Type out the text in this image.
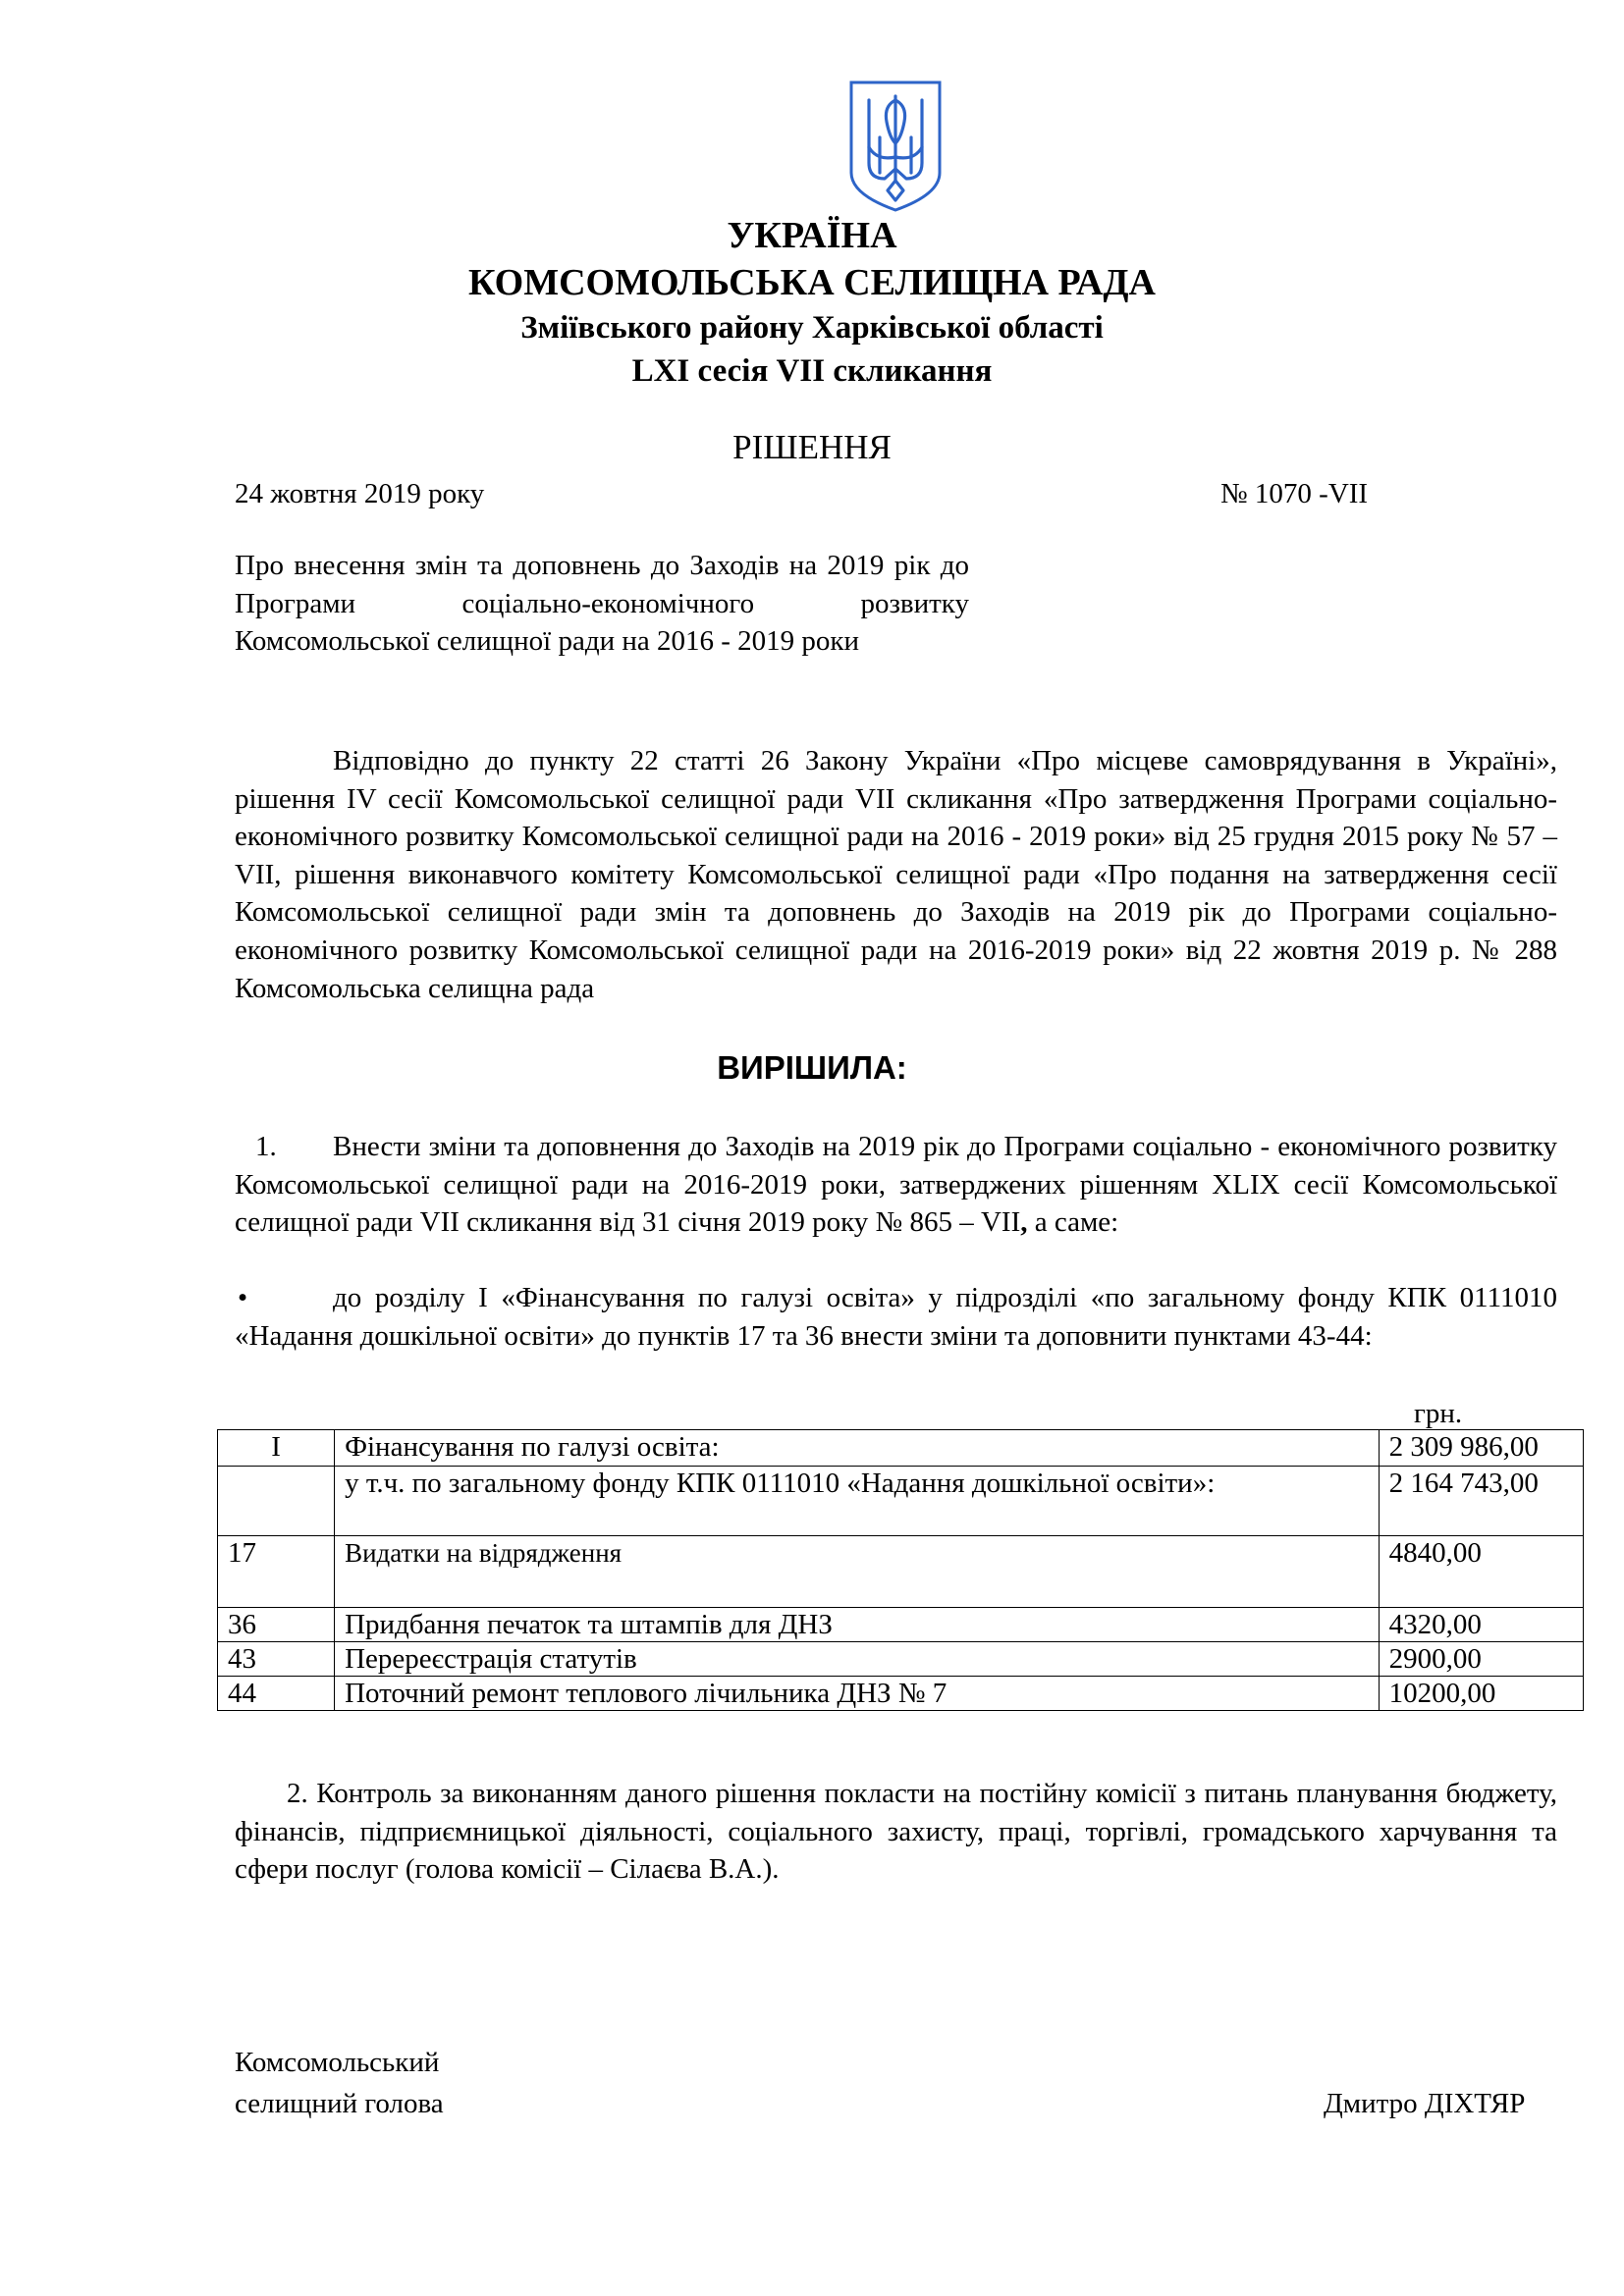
УКРАЇНА
КОМСОМОЛЬСЬКА СЕЛИЩНА РАДА
Зміївського району Харківської області
LXI сесія VII скликання
РІШЕННЯ
24 жовтня 2019 року	№ 1070 -VII
Про внесення змін та доповнень до Заходів на 2019 рік до Програми соціально-економічного розвитку Комсомольської селищної ради на 2016 - 2019 роки
Відповідно до пункту 22 статті 26 Закону України «Про місцеве самоврядування в Україні», рішення IV сесії Комсомольської селищної ради VII скликання «Про затвердження Програми соціально-економічного розвитку Комсомольської селищної ради на 2016 - 2019 роки» від 25 грудня 2015 року № 57 – VII, рішення виконавчого комітету Комсомольської селищної ради «Про подання на затвердження сесії Комсомольської селищної ради змін та доповнень до Заходів на 2019 рік до Програми соціально-економічного розвитку Комсомольської селищної ради на 2016-2019 роки» від 22 жовтня 2019 р. № 288 Комсомольська селищна рада
ВИРІШИЛА:
1. Внести зміни та доповнення до Заходів на 2019 рік до Програми соціально - економічного розвитку Комсомольської селищної ради на 2016-2019 роки, затверджених рішенням XLIX сесії Комсомольської селищної ради VII скликання від 31 січня 2019 року № 865 – VII, а саме:
•	до розділу І «Фінансування по галузі освіта» у підрозділі «по загальному фонду КПК 0111010 «Надання дошкільної освіти» до пунктів 17 та 36 внести зміни та доповнити пунктами 43-44:
грн.
I	Фінансування по галузі освіта:	2 309 986,00
	у т.ч. по загальному фонду КПК 0111010 «Надання дошкільної освіти»:	2 164 743,00
17	Видатки на відрядження	4840,00
36	Придбання печаток та штампів для ДНЗ	4320,00
43	Перереєстрація статутів	2900,00
44	Поточний ремонт теплового лічильника ДНЗ № 7	10200,00
2. Контроль за виконанням даного рішення покласти на постійну комісії з питань планування бюджету, фінансів, підприємницької діяльності, соціального захисту, праці, торгівлі, громадського харчування та сфери послуг (голова комісії – Сілаєва В.А.).
Комсомольський
селищний голова	Дмитро ДІХТЯР
